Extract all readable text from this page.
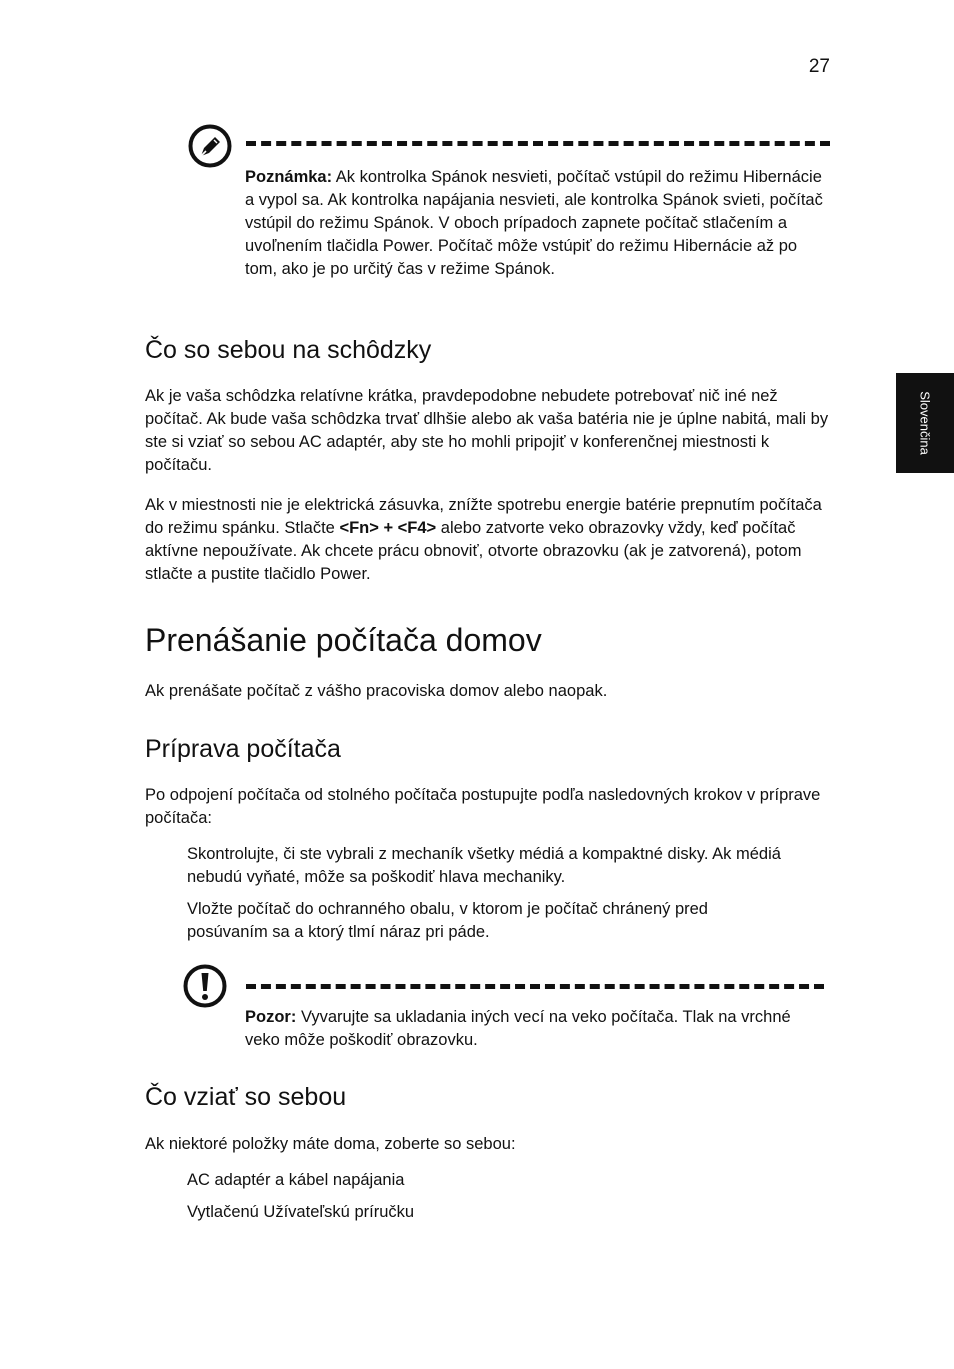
27
Slovenčina

Poznámka: Ak kontrolka Spánok nesvieti, počítač vstúpil do režimu Hibernácie a vypol sa. Ak kontrolka napájania nesvieti, ale kontrolka Spánok svieti, počítač vstúpil do režimu Spánok. V oboch prípadoch zapnete počítač stlačením a uvoľnením tlačidla Power. Počítač môže vstúpiť do režimu Hibernácie až po tom, ako je po určitý čas v režime Spánok.

Čo so sebou na schôdzky

Ak je vaša schôdzka relatívne krátka, pravdepodobne nebudete potrebovať nič iné než počítač. Ak bude vaša schôdzka trvať dlhšie alebo ak vaša batéria nie je úplne nabitá, mali by ste si vziať so sebou AC adaptér, aby ste ho mohli pripojiť v konferenčnej miestnosti k počítaču.

Ak v miestnosti nie je elektrická zásuvka, znížte spotrebu energie batérie prepnutím počítača do režimu spánku. Stlačte <Fn> + <F4> alebo zatvorte veko obrazovky vždy, keď počítač aktívne nepoužívate. Ak chcete prácu obnoviť, otvorte obrazovku (ak je zatvorená), potom stlačte a pustite tlačidlo Power.

Prenášanie počítača domov

Ak prenášate počítač z vášho pracoviska domov alebo naopak.

Príprava počítača

Po odpojení počítača od stolného počítača postupujte podľa nasledovných krokov v príprave počítača:

Skontrolujte, či ste vybrali z mechaník všetky médiá a kompaktné disky. Ak médiá nebudú vyňaté, môže sa poškodiť hlava mechaniky.

Vložte počítač do ochranného obalu, v ktorom je počítač chránený pred posúvaním sa a ktorý tlmí náraz pri páde.

Pozor: Vyvarujte sa ukladania iných vecí na veko počítača. Tlak na vrchné veko môže poškodiť obrazovku.

Čo vziať so sebou

Ak niektoré položky máte doma, zoberte so sebou:

AC adaptér a kábel napájania

Vytlačenú Užívateľskú príručku
